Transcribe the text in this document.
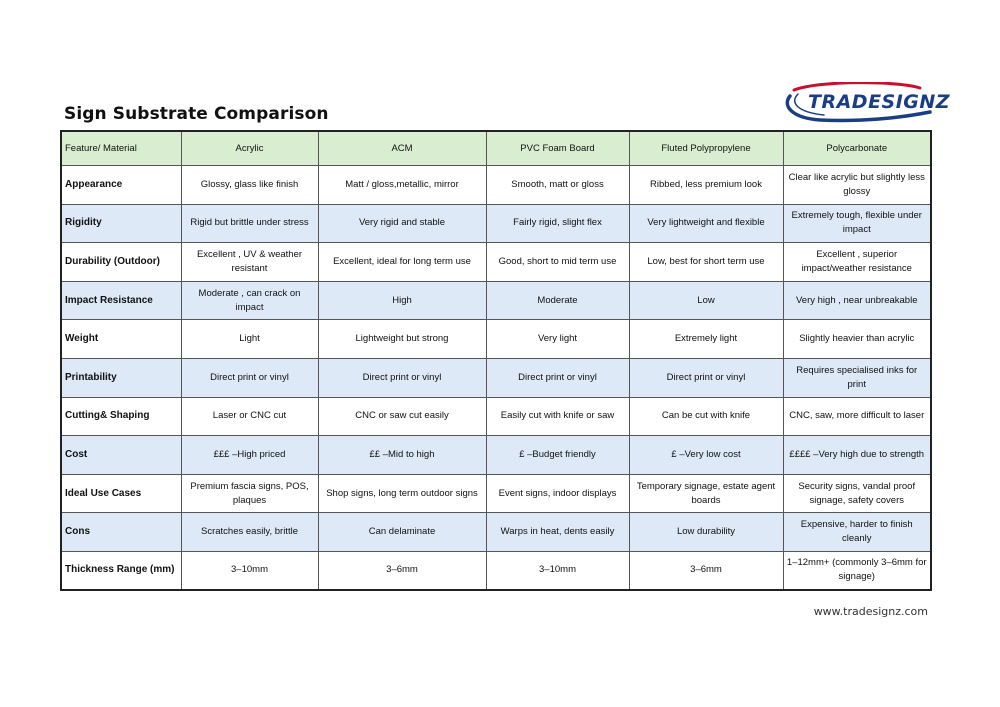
Sign Substrate Comparison
TRADESIGNZ
Feature/ Material	Acrylic	ACM	PVC Foam Board	Fluted Polypropylene	Polycarbonate
Appearance	Glossy, glass like finish	Matt / gloss,metallic, mirror	Smooth, matt or gloss	Ribbed, less premium look	Clear like acrylic but slightly less glossy
Rigidity	Rigid but brittle under stress	Very rigid and stable	Fairly rigid, slight flex	Very lightweight and flexible	Extremely tough, flexible under impact
Durability (Outdoor)	Excellent , UV & weather resistant	Excellent, ideal for long term use	Good, short to mid term use	Low, best for short term use	Excellent , superior impact/weather resistance
Impact Resistance	Moderate , can crack on impact	High	Moderate	Low	Very high , near unbreakable
Weight	Light	Lightweight but strong	Very light	Extremely light	Slightly heavier than acrylic
Printability	Direct print or vinyl	Direct print or vinyl	Direct print or vinyl	Direct print or vinyl	Requires specialised inks for print
Cutting& Shaping	Laser or CNC cut	CNC or saw cut easily	Easily cut with knife or saw	Can be cut with knife	CNC, saw, more difficult to laser
Cost	£££ –High priced	££ –Mid to high	£ –Budget friendly	£ –Very low cost	££££ –Very high due to strength
Ideal Use Cases	Premium fascia signs, POS, plaques	Shop signs, long term outdoor signs	Event signs, indoor displays	Temporary signage, estate agent boards	Security signs, vandal proof signage, safety covers
Cons	Scratches easily, brittle	Can delaminate	Warps in heat, dents easily	Low durability	Expensive, harder to finish cleanly
Thickness Range (mm)	3–10mm	3–6mm	3–10mm	3–6mm	1–12mm+ (commonly 3–6mm for signage)
www.tradesignz.com
